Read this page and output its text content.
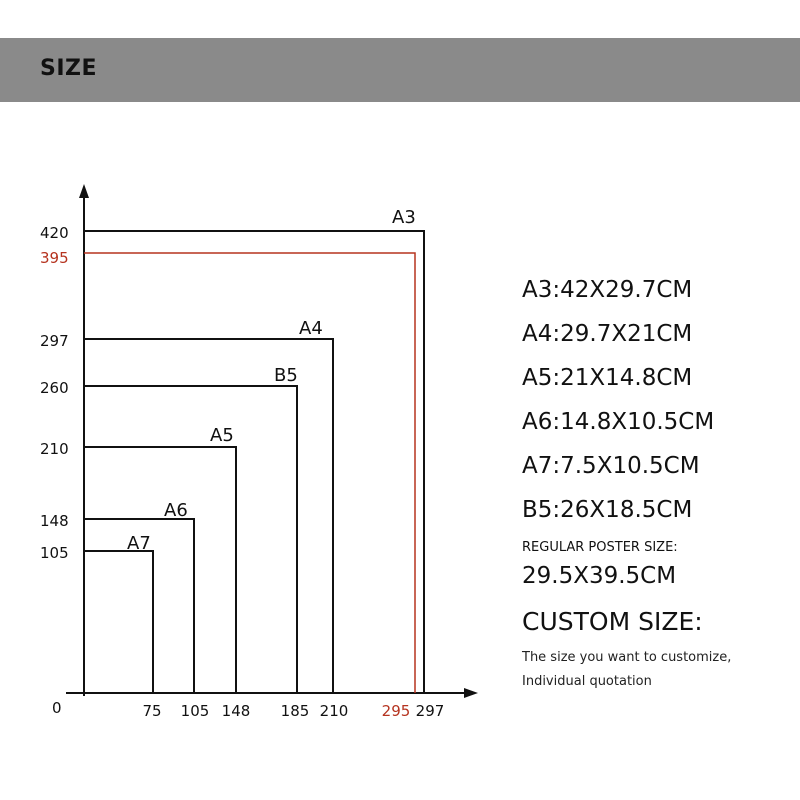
SIZE
A3
A4
B5
A5
A6
A7
420
395
297
260
210
148
105
0	75 105 148 185 210 295 297
A3:42X29.7CM
A4:29.7X21CM
A5:21X14.8CM
A6:14.8X10.5CM
A7:7.5X10.5CM
B5:26X18.5CM
REGULAR POSTER SIZE:
29.5X39.5CM
CUSTOM SIZE:
The size you want to customize,
Individual quotation
